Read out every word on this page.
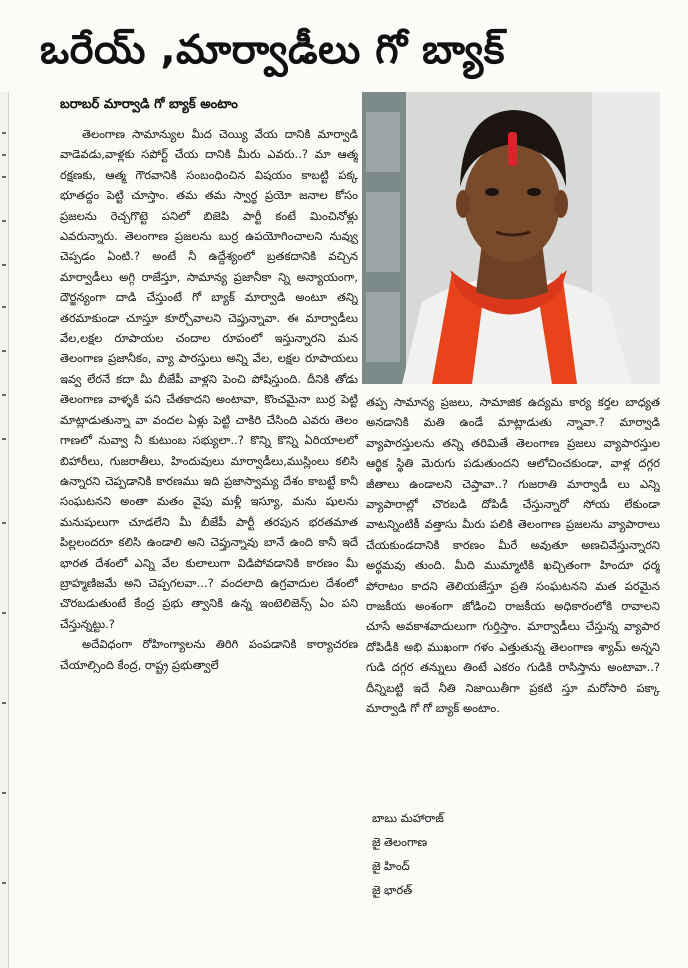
ఒరేయ్ ,మార్వాడీలు గో బ్యాక్
బరాబర్ మార్వాడి గో బ్యాక్ అంటాం

తెలంగాణ సామాన్యుల మీద చెయ్యి వేయ దానికి మార్వాడి వాడెవడు,వాళ్లకు సపోర్ట్ చేయ దానికి మీరు ఎవరు..? మా ఆత్మ రక్షణకు, ఆత్మ గౌరవానికి సంబంధించిన విషయం కాబట్టి పక్క భూతద్దం పెట్టి చూస్తాం. తమ తమ స్వార్థ ప్రయో జనాల కోసం ప్రజలను రెచ్చగొట్టె పనిలో బిజెపి పార్టీ కంటే మించినోళ్లు ఎవరున్నారు. తెలంగాణ ప్రజలను బుర్ర ఉపయోగించాలని నువ్వు చెప్పడం ఏంటి.? అంటే నీ ఉద్దేశ్యంలో బ్రతకదానికి వచ్చిన మార్వాడీలు అగ్గి రాజేస్తూ, సామాన్య ప్రజానీకా న్ని అన్యాయంగా, దౌర్జన్యంగా దాడి చేస్తుంటే గో బ్యాక్ మార్వాడి అంటూ తన్ని తరమాకుండా చూస్తూ కూర్చోవాలని చెప్తున్నావా. ఈ మార్వాడీలు వేల,లక్షల రూపాయల చందాల రూపంలో ఇస్తున్నారని మన తెలంగాణ ప్రజానీకం, వ్యా పారస్తులు అన్ని వేల, లక్షల రూపాయలు ఇవ్వ లేరనే కదా మీ బీజేపీ వాళ్లని పెంచి పోషిస్తుంది. దీనికి తోడు తెలంగాణ వాళ్ళకి పని చేతకాదని అంటావా, కొంచమైనా బుర్ర పెట్టి మాట్లాడుతున్నా వా వందల ఏళ్లు పెట్టి చాకిరి చేసింది ఎవరు తెలం గాణలో నువ్వా నీ కుటుంబ సభ్యులా..? కొన్ని కొన్ని ఏరియాలలో బిహారీలు, గుజరాతీలు, హిందువులు మార్వాడీలు,ముస్లింలు కలిసి ఉన్నారని చెప్పడానికి కారణము ఇది ప్రజాస్వామ్య దేశం కాబట్టే కానీ సంఘటనని అంతా మతం వైపు మళ్లీ ఇస్యూ, మను షులను మనుషులుగా చూడలేని మీ బీజేపీ పార్టీ తరపున భరతమాత పిల్లలందరూ కలిసి ఉండాలి అని చెప్తున్నావు బానే ఉంది కానీ ఇదే భారత దేశంలో ఎన్ని వేల కులాలుగా విడిపోవడానికి కారణం మీ బ్రాహ్మణిజమే అని చెప్పగలవా...? వందలాది ఉగ్రవాదుల దేశంలో చొరబడుతుంటే కేంద్ర ప్రభు త్వానికి ఉన్న ఇంటెలిజెన్స్ ఏం పని చేస్తున్నట్టు.?

అదేవిధంగా రోహింగ్యాలను తిరిగి పంపడానికి కార్యాచరణ చేయాల్సింది కేంద్ర, రాష్ట్ర ప్రభుత్వాలే

తప్ప సామాన్య ప్రజలు, సామాజిక ఉద్యమ కార్య కర్తల బాధ్యత అనడానికి మతి ఉండే మాట్లాడుతు న్నావా.? మార్వాడి వ్యాపారస్తులను తన్ని తరిమితే తెలంగాణ ప్రజలు వ్యాపారస్తుల ఆర్థిక స్థితి మెరుగు పడుతుందని ఆలోచించకుండా, వాళ్ల దగ్గర జీతాలు ఉండాలని చెప్తావా..? గుజరాతి మార్వాడీ లు ఎన్ని వ్యాపారాల్లో చొరబడి దోపిడీ చేస్తున్నారో సోయ లేకుండా వాటన్నింటికీ వత్తాసు మీరు పలికి తెలంగాణ ప్రజలను వ్యాపారాలు చేయకుండదానికి కారణం మీరే అవుతూ అణచివేస్తున్నారని అర్థమవు తుంది. మీది ముమ్మాటికి ఖచ్చితంగా హిందూ ధర్మ పోరాటం కాదని తెలియజేస్తూ ప్రతి సంఘటనని మత పరమైన రాజకీయ అంశంగా జోడించి రాజకీయ అధికారంలోకి రావాలని చూసే అవకాశవాదులుగా గుర్తిస్తాం. మార్వాడీలు చేస్తున్న వ్యాపార దోపిడీకి అభి ముఖంగా గళం ఎత్తుతున్న తెలంగాణ శ్యామ్ అన్నని గుడి దగ్గర తన్నులు తింటే ఎకరం గుడికి రాసిస్తాను అంటావా..? దీన్నిబట్టి ఇదే నీతి నిజాయితీగా ప్రకటి స్తూ మరోసారి పక్కా మార్వాడి గో గో బ్యాక్ అంటాం.

బాబు మహారాజ్
జై తెలంగాణ
జై హింద్
జై భారత్
